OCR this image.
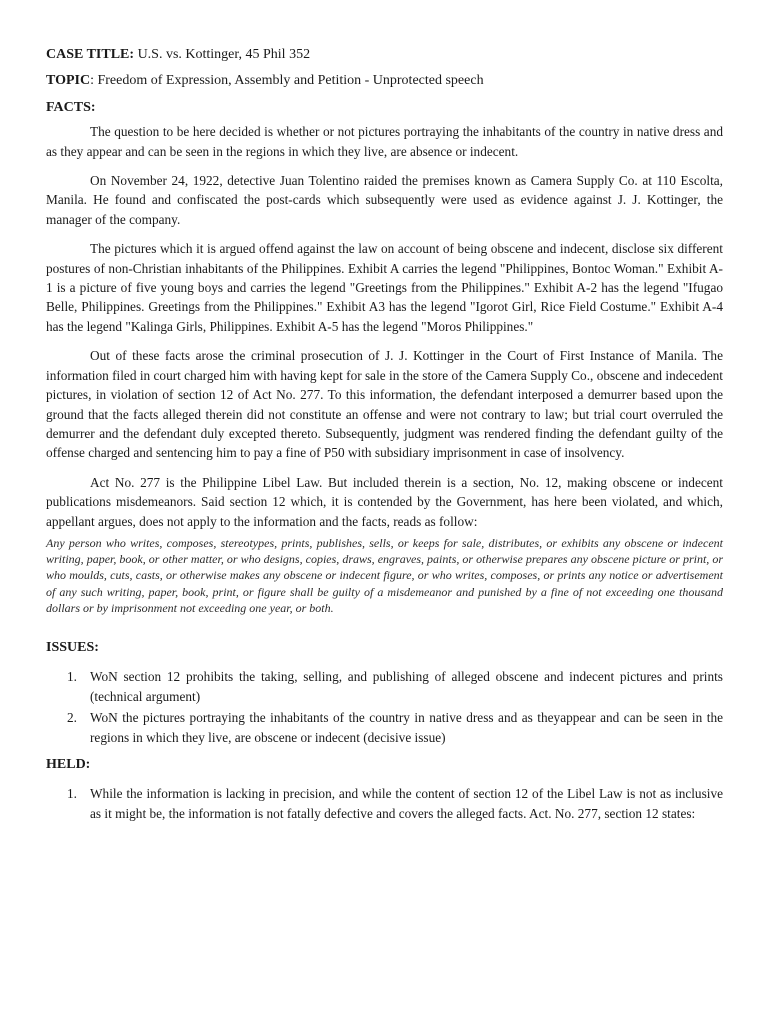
CASE TITLE: U.S. vs. Kottinger, 45 Phil 352
TOPIC: Freedom of Expression, Assembly and Petition - Unprotected speech
FACTS:

The question to be here decided is whether or not pictures portraying the inhabitants of the country in native dress and as they appear and can be seen in the regions in which they live, are absence or indecent.

On November 24, 1922, detective Juan Tolentino raided the premises known as Camera Supply Co. at 110 Escolta, Manila. He found and confiscated the post-cards which subsequently were used as evidence against J. J. Kottinger, the manager of the company.

The pictures which it is argued offend against the law on account of being obscene and indecent, disclose six different postures of non-Christian inhabitants of the Philippines. Exhibit A carries the legend "Philippines, Bontoc Woman." Exhibit A-1 is a picture of five young boys and carries the legend "Greetings from the Philippines." Exhibit A-2 has the legend "Ifugao Belle, Philippines. Greetings from the Philippines." Exhibit A3 has the legend "Igorot Girl, Rice Field Costume." Exhibit A-4 has the legend "Kalinga Girls, Philippines. Exhibit A-5 has the legend "Moros Philippines."

Out of these facts arose the criminal prosecution of J. J. Kottinger in the Court of First Instance of Manila. The information filed in court charged him with having kept for sale in the store of the Camera Supply Co., obscene and indecedent pictures, in violation of section 12 of Act No. 277. To this information, the defendant interposed a demurrer based upon the ground that the facts alleged therein did not constitute an offense and were not contrary to law; but trial court overruled the demurrer and the defendant duly excepted thereto. Subsequently, judgment was rendered finding the defendant guilty of the offense charged and sentencing him to pay a fine of P50 with subsidiary imprisonment in case of insolvency.

Act No. 277 is the Philippine Libel Law. But included therein is a section, No. 12, making obscene or indecent publications misdemeanors. Said section 12 which, it is contended by the Government, has here been violated, and which, appellant argues, does not apply to the information and the facts, reads as follow:

Any person who writes, composes, stereotypes, prints, publishes, sells, or keeps for sale, distributes, or exhibits any obscene or indecent writing, paper, book, or other matter, or who designs, copies, draws, engraves, paints, or otherwise prepares any obscene picture or print, or who moulds, cuts, casts, or otherwise makes any obscene or indecent figure, or who writes, composes, or prints any notice or advertisement of any such writing, paper, book, print, or figure shall be guilty of a misdemeanor and punished by a fine of not exceeding one thousand dollars or by imprisonment not exceeding one year, or both.
ISSUES:
1. WoN section 12 prohibits the taking, selling, and publishing of alleged obscene and indecent pictures and prints (technical argument)
2. WoN the pictures portraying the inhabitants of the country in native dress and as theyappear and can be seen in the regions in which they live, are obscene or indecent (decisive issue)
HELD:
1. While the information is lacking in precision, and while the content of section 12 of the Libel Law is not as inclusive as it might be, the information is not fatally defective and covers the alleged facts. Act. No. 277, section 12 states:
